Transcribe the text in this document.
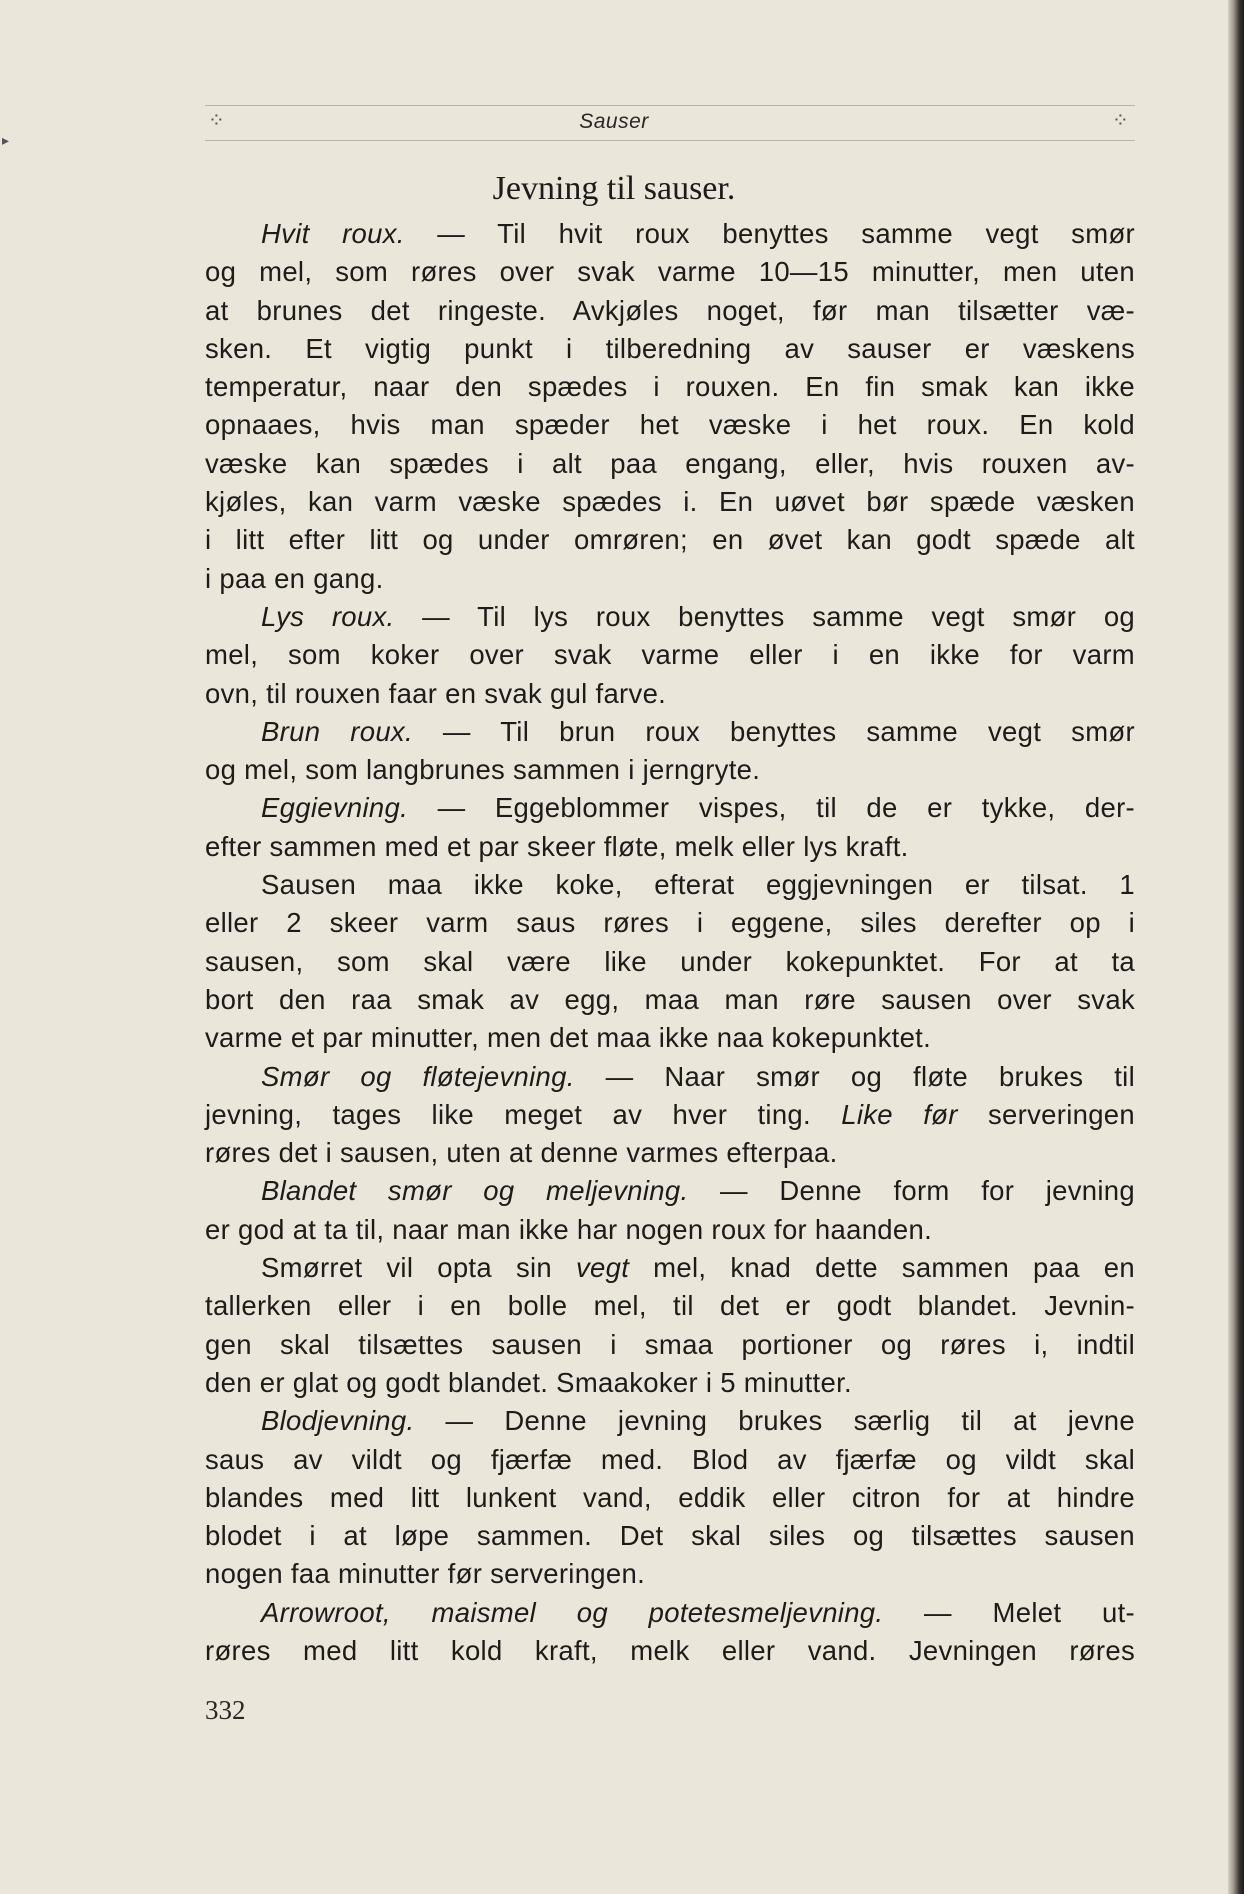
▸
⁘	Sauser	⁘
Jevning til sauser.
Hvit roux. — Til hvit roux benyttes samme vegt smør
og mel, som røres over svak varme 10—15 minutter, men uten
at brunes det ringeste. Avkjøles noget, før man tilsætter væ-
sken. Et vigtig punkt i tilberedning av sauser er væskens
temperatur, naar den spædes i rouxen. En fin smak kan ikke
opnaaes, hvis man spæder het væske i het roux. En kold
væske kan spædes i alt paa engang, eller, hvis rouxen av-
kjøles, kan varm væske spædes i. En uøvet bør spæde væsken
i litt efter litt og under omrøren; en øvet kan godt spæde alt
i paa en gang.
Lys roux. — Til lys roux benyttes samme vegt smør og
mel, som koker over svak varme eller i en ikke for varm
ovn, til rouxen faar en svak gul farve.
Brun roux. — Til brun roux benyttes samme vegt smør
og mel, som langbrunes sammen i jerngryte.
Eggievning. — Eggeblommer vispes, til de er tykke, der-
efter sammen med et par skeer fløte, melk eller lys kraft.
Sausen maa ikke koke, efterat eggjevningen er tilsat. 1
eller 2 skeer varm saus røres i eggene, siles derefter op i
sausen, som skal være like under kokepunktet. For at ta
bort den raa smak av egg, maa man røre sausen over svak
varme et par minutter, men det maa ikke naa kokepunktet.
Smør og fløtejevning. — Naar smør og fløte brukes til
jevning, tages like meget av hver ting. Like før serveringen
røres det i sausen, uten at denne varmes efterpaa.
Blandet smør og meljevning. — Denne form for jevning
er god at ta til, naar man ikke har nogen roux for haanden.
Smørret vil opta sin vegt mel, knad dette sammen paa en
tallerken eller i en bolle mel, til det er godt blandet. Jevnin-
gen skal tilsættes sausen i smaa portioner og røres i, indtil
den er glat og godt blandet. Smaakoker i 5 minutter.
Blodjevning. — Denne jevning brukes særlig til at jevne
saus av vildt og fjærfæ med. Blod av fjærfæ og vildt skal
blandes med litt lunkent vand, eddik eller citron for at hindre
blodet i at løpe sammen. Det skal siles og tilsættes sausen
nogen faa minutter før serveringen.
Arrowroot, maismel og potetesmeljevning. — Melet ut-
røres med litt kold kraft, melk eller vand. Jevningen røres
332
